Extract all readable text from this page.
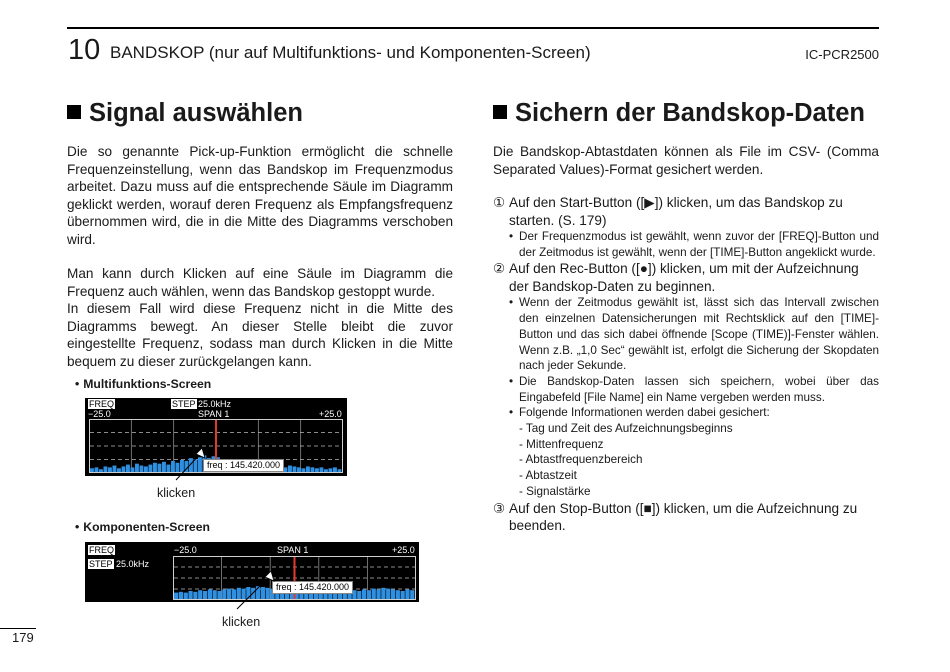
10 BANDSKOP (nur auf Multifunktions- und Komponenten-Screen)	IC-PCR2500
Signal auswählen

Die so genannte Pick-up-Funktion ermöglicht die schnelle Frequenzeinstellung, wenn das Bandskop im Frequenzmodus arbeitet. Dazu muss auf die entsprechende Säule im Diagramm geklickt werden, worauf deren Frequenz als Empfangsfrequenz übernommen wird, die in die Mitte des Diagramms verschoben wird.

Man kann durch Klicken auf eine Säule im Diagramm die Frequenz auch wählen, wenn das Bandskop gestoppt wurde.

In diesem Fall wird diese Frequenz nicht in die Mitte des Diagramms bewegt. An dieser Stelle bleibt die zuvor eingestellte Frequenz, sodass man durch Klicken in die Mitte bequem zu dieser zurückgelangen kann.

• Multifunktions-Screen
FREQ	STEP 25.0kHz
−25.0	SPAN 1	+25.0
freq : 145.420.000
klicken
• Komponenten-Screen
FREQ
STEP 25.0kHz
−25.0	SPAN 1	+25.0
freq : 145.420.000
klicken
Sichern der Bandskop-Daten

Die Bandskop-Abtastdaten können als File im CSV- (Comma Separated Values)-Format gesichert werden.

① Auf den Start-Button ([▶]) klicken, um das Bandskop zu starten. (S. 179)
• Der Frequenzmodus ist gewählt, wenn zuvor der [FREQ]-Button und der Zeitmodus ist gewählt, wenn der [TIME]-Button angeklickt wurde.
② Auf den Rec-Button ([●]) klicken, um mit der Aufzeichnung der Bandskop-Daten zu beginnen.
• Wenn der Zeitmodus gewählt ist, lässt sich das Intervall zwischen den einzelnen Datensicherungen mit Rechtsklick auf den [TIME]-Button und das sich dabei öffnende [Scope (TIME)]-Fenster wählen. Wenn z.B. „1,0 Sec“ gewählt ist, erfolgt die Sicherung der Skopdaten nach jeder Sekunde.
• Die Bandskop-Daten lassen sich speichern, wobei über das Eingabefeld [File Name] ein Name vergeben werden muss.
• Folgende Informationen werden dabei gesichert:
- Tag und Zeit des Aufzeichnungsbeginns
- Mittenfrequenz
- Abtastfrequenzbereich
- Abtastzeit
- Signalstärke
③ Auf den Stop-Button ([■]) klicken, um die Aufzeichnung zu beenden.
179
